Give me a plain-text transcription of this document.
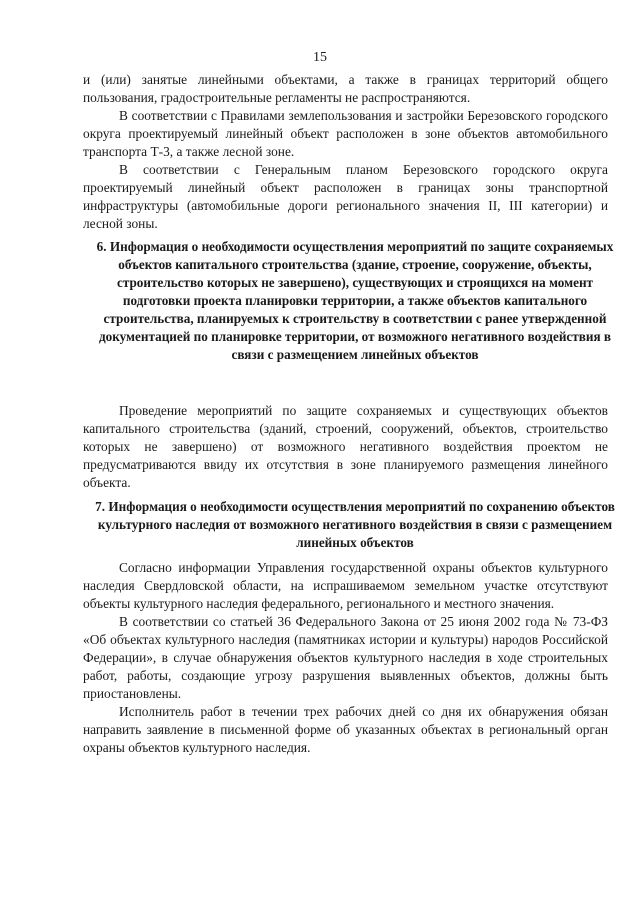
15

и (или) занятые линейными объектами, а также в границах территорий общего пользования, градостроительные регламенты не распространяются.

В соответствии с Правилами землепользования и застройки Березовского городского округа проектируемый линейный объект расположен в зоне объектов автомобильного транспорта Т-3, а также лесной зоне.

В соответствии с Генеральным планом Березовского городского округа проектируемый линейный объект расположен в границах зоны транспортной инфраструктуры (автомобильные дороги регионального значения II, III категории) и лесной зоны.

6. Информация о необходимости осуществления мероприятий по защите сохраняемых объектов капитального строительства (здание, строение, сооружение, объекты, строительство которых не завершено), существующих и строящихся на момент подготовки проекта планировки территории, а также объектов капитального строительства, планируемых к строительству в соответствии с ранее утвержденной документацией по планировке территории, от возможного негативного воздействия в связи с размещением линейных объектов

Проведение мероприятий по защите сохраняемых и существующих объектов капитального строительства (зданий, строений, сооружений, объектов, строительство которых не завершено) от возможного негативного воздействия проектом не предусматриваются ввиду их отсутствия в зоне планируемого размещения линейного объекта.

7. Информация о необходимости осуществления мероприятий по сохранению объектов культурного наследия от возможного негативного воздействия в связи с размещением линейных объектов

Согласно информации Управления государственной охраны объектов культурного наследия Свердловской области, на испрашиваемом земельном участке отсутствуют объекты культурного наследия федерального, регионального и местного значения.

В соответствии со статьей 36 Федерального Закона от 25 июня 2002 года № 73-ФЗ «Об объектах культурного наследия (памятниках истории и культуры) народов Российской Федерации», в случае обнаружения объектов культурного наследия в ходе строительных работ, работы, создающие угрозу разрушения выявленных объектов, должны быть приостановлены.

Исполнитель работ в течении трех рабочих дней со дня их обнаружения обязан направить заявление в письменной форме об указанных объектах в региональный орган охраны объектов культурного наследия.
